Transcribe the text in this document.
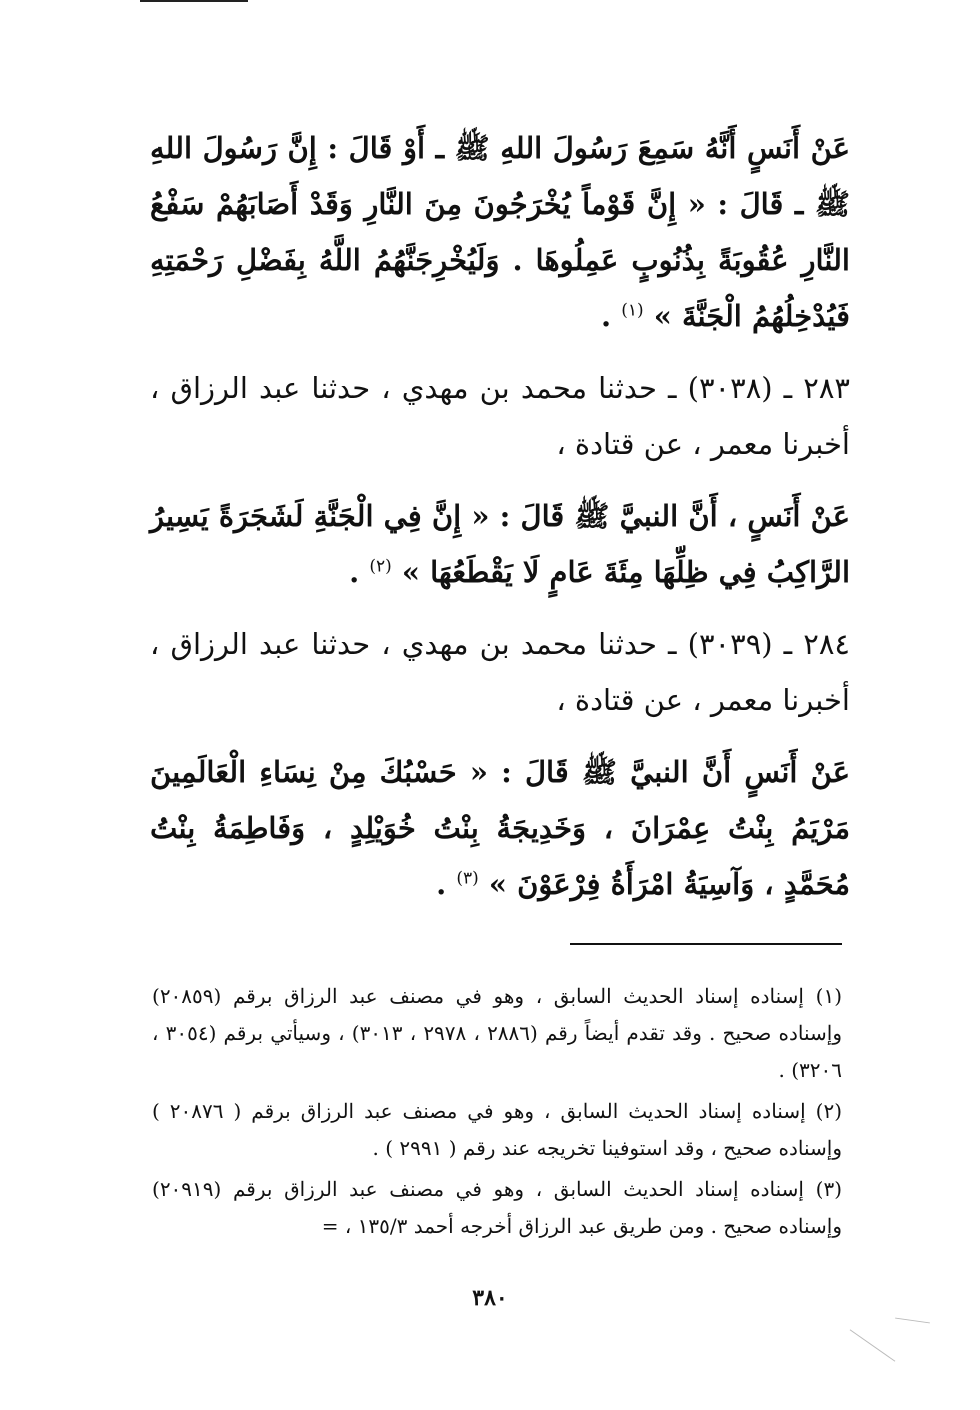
عَنْ أَنَسٍ أَنَّهُ سَمِعَ رَسُولَ اللهِ ﷺ ـ أَوْ قَالَ : إِنَّ رَسُولَ اللهِ ﷺ ـ قَالَ : « إِنَّ قَوْماً يُخْرَجُونَ مِنَ النَّارِ وَقَدْ أَصَابَهُمْ سَفْعُ النَّارِ عُقُوبَةً بِذُنُوبٍ عَمِلُوهَا . وَلَيُخْرِجَنَّهُمُ اللَّهُ بِفَضْلِ رَحْمَتِهِ فَيُدْخِلُهُمُ الْجَنَّةَ » $^{(١)}$ .

٢٨٣ ـ (٣٠٣٨) ـ حدثنا محمد بن مهدي ، حدثنا عبد الرزاق ، أخبرنا معمر ، عن قتادة ،

عَنْ أَنَسٍ ، أَنَّ النبيَّ ﷺ قَالَ : « إِنَّ فِي الْجَنَّةِ لَشَجَرَةً يَسِيرُ الرَّاكِبُ فِي ظِلِّهَا مِئَةَ عَامٍ لَا يَقْطَعُهَا » $^{(٢)}$ .

٢٨٤ ـ (٣٠٣٩) ـ حدثنا محمد بن مهدي ، حدثنا عبد الرزاق ، أخبرنا معمر ، عن قتادة ،

عَنْ أَنَسٍ أَنَّ النبيَّ ﷺ قَالَ : « حَسْبُكَ مِنْ نِسَاءِ الْعَالَمِينَ مَرْيَمُ بِنْتُ عِمْرَانَ ، وَخَدِيجَةُ بِنْتُ خُوَيْلِدٍ ، وَفَاطِمَةُ بِنْتُ مُحَمَّدٍ ، وَآسِيَةُ امْرَأَةُ فِرْعَوْنَ » $^{(٣)}$ .

(١) إسناده إسناد الحديث السابق ، وهو في مصنف عبد الرزاق برقم (٢٠٨٥٩) وإسناده صحيح . وقد تقدم أيضاً رقم (٢٨٨٦ ، ٢٩٧٨ ، ٣٠١٣) ، وسيأتي برقم (٣٠٥٤ ، ٣٢٠٦) .

(٢) إسناده إسناد الحديث السابق ، وهو في مصنف عبد الرزاق برقم ( ٢٠٨٧٦ ) وإسناده صحيح ، وقد استوفينا تخريجه عند رقم ( ٢٩٩١ ) .

(٣) إسناده إسناد الحديث السابق ، وهو في مصنف عبد الرزاق برقم (٢٠٩١٩) وإسناده صحيح . ومن طريق عبد الرزاق أخرجه أحمد ١٣٥/٣ ، =

٣٨٠
